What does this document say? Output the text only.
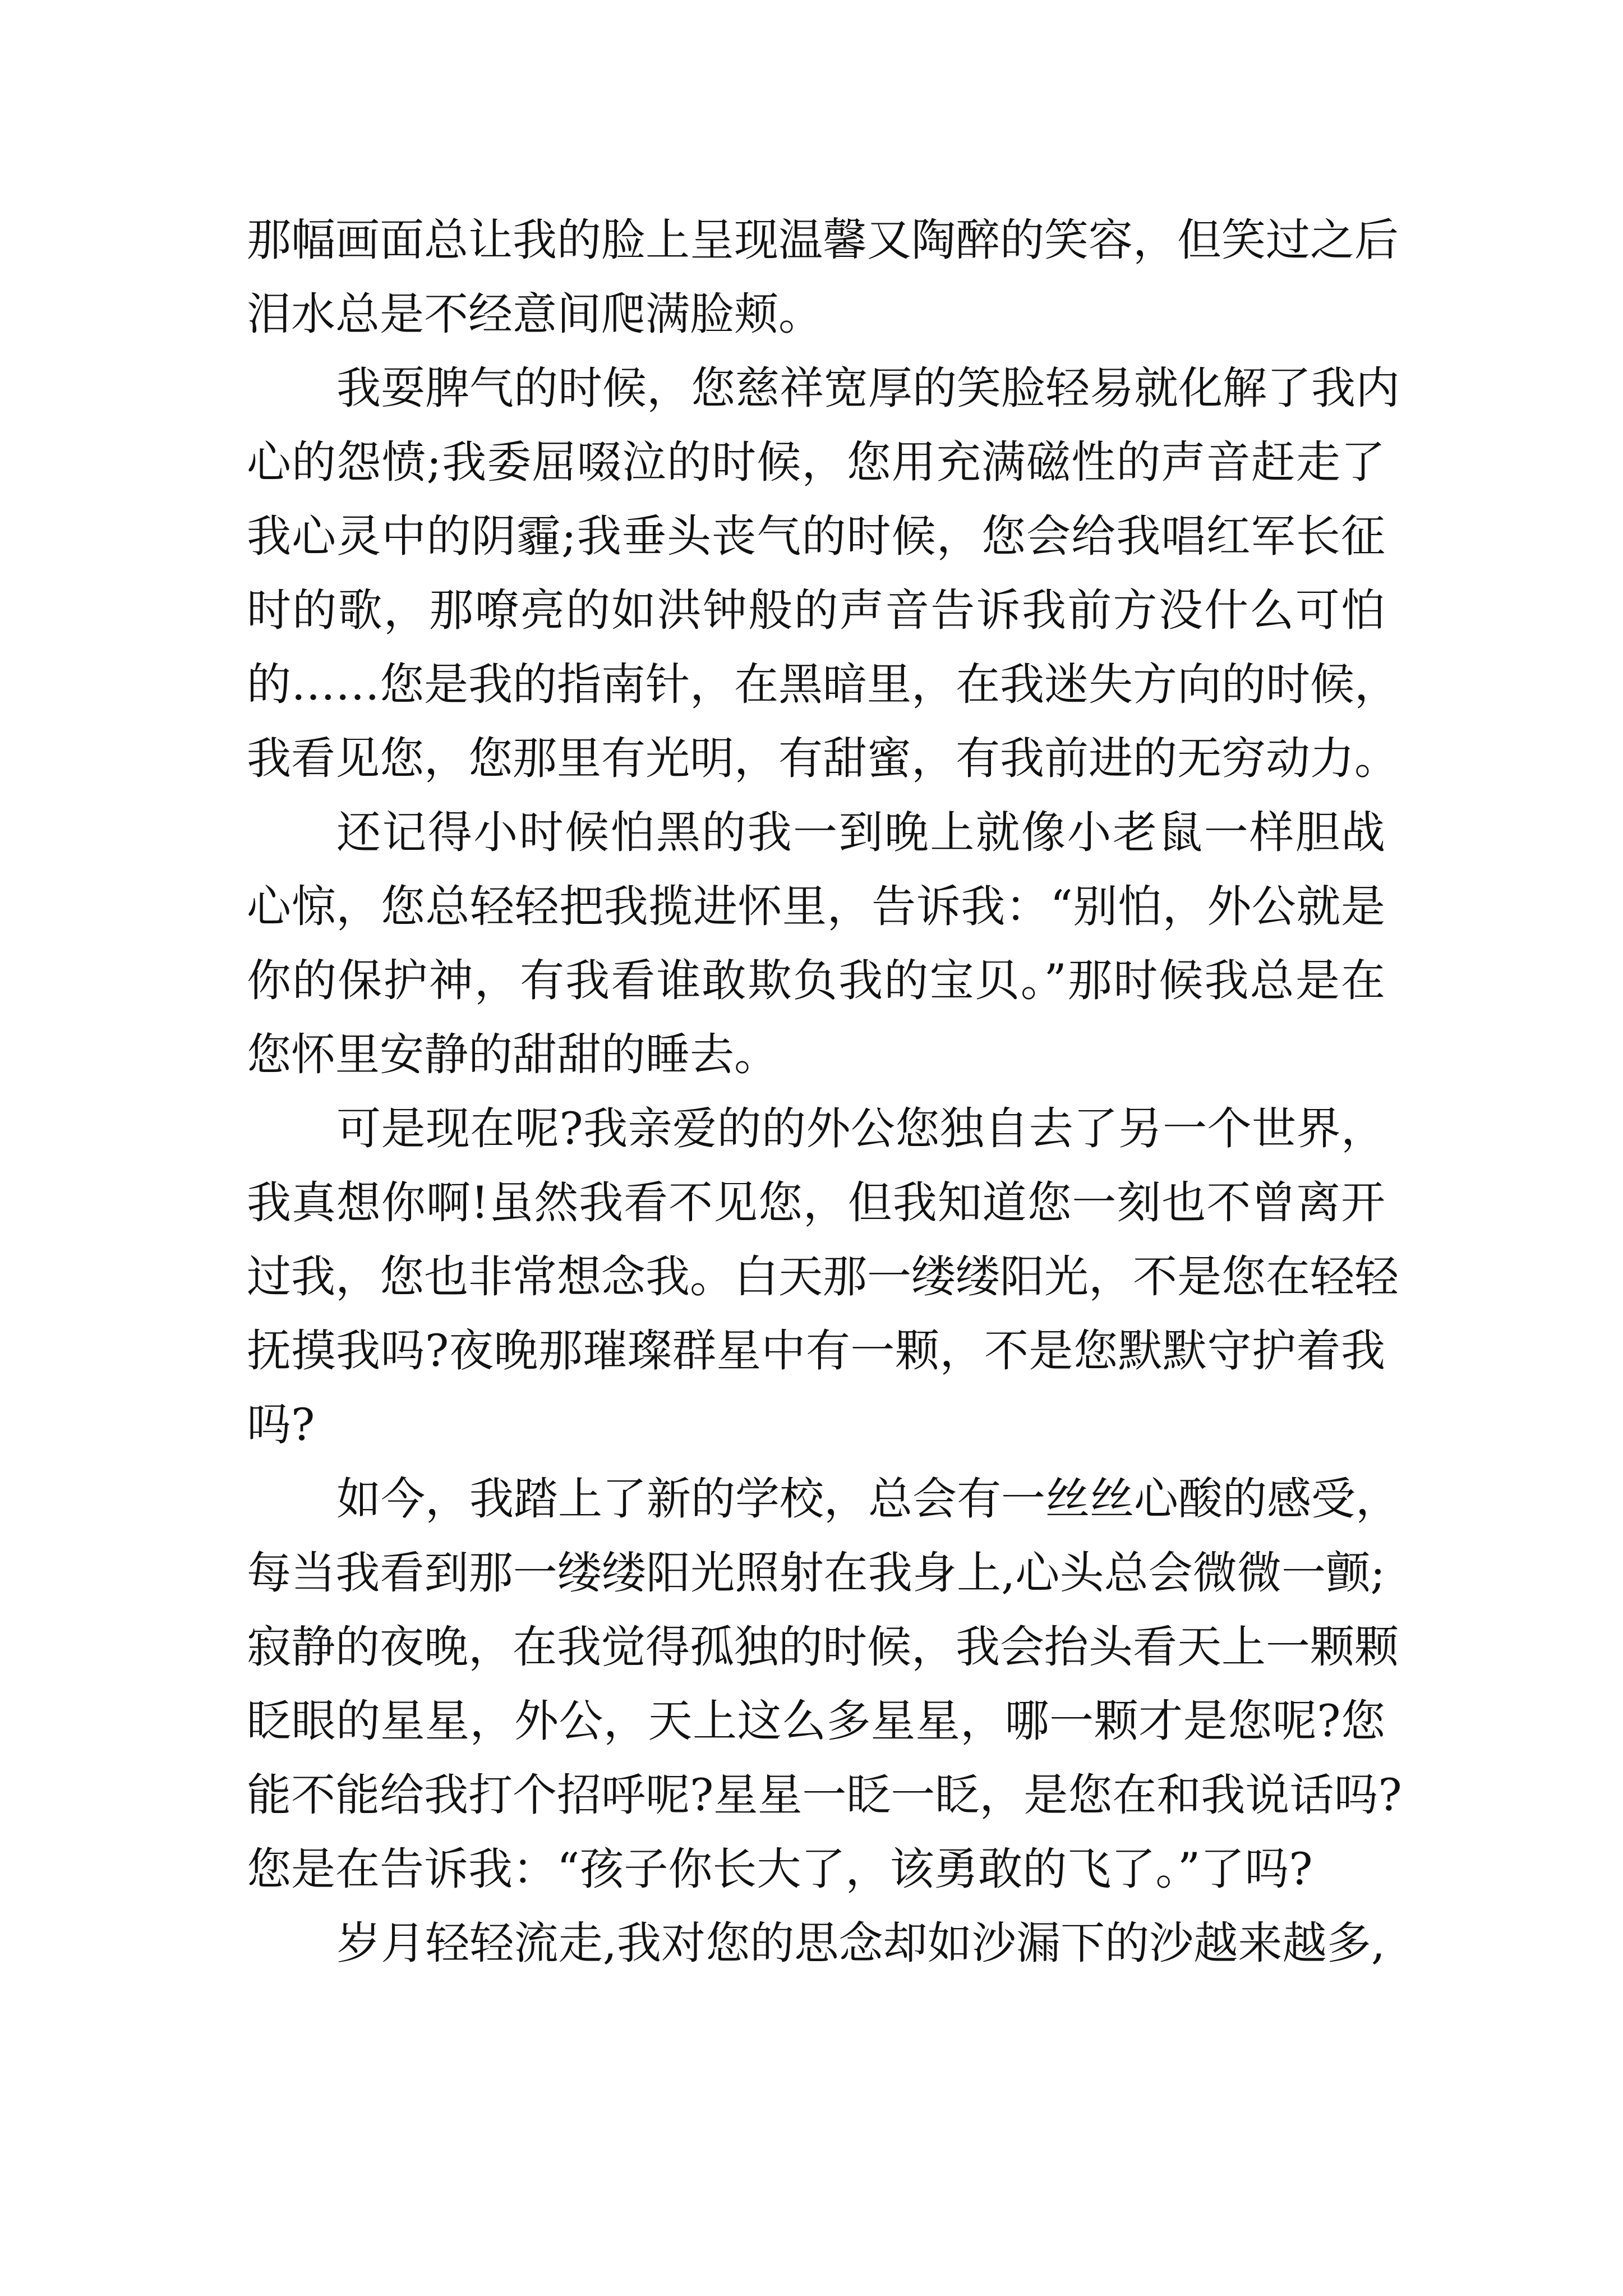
那幅画面总让我的脸上呈现温馨又陶醉的笑容，但笑过之后
泪水总是不经意间爬满脸颊。
我耍脾气的时候，您慈祥宽厚的笑脸轻易就化解了我内
心的怨愤;我委屈啜泣的时候，您用充满磁性的声音赶走了
我心灵中的阴霾;我垂头丧气的时候，您会给我唱红军长征
时的歌，那嘹亮的如洪钟般的声音告诉我前方没什么可怕
的……您是我的指南针，在黑暗里，在我迷失方向的时候，
我看见您，您那里有光明，有甜蜜，有我前进的无穷动力。
还记得小时候怕黑的我一到晚上就像小老鼠一样胆战
心惊，您总轻轻把我揽进怀里，告诉我：“别怕，外公就是
你的保护神，有我看谁敢欺负我的宝贝。”那时候我总是在
您怀里安静的甜甜的睡去。
可是现在呢?我亲爱的的外公您独自去了另一个世界，
我真想你啊!虽然我看不见您，但我知道您一刻也不曾离开
过我，您也非常想念我。白天那一缕缕阳光，不是您在轻轻
抚摸我吗?夜晚那璀璨群星中有一颗，不是您默默守护着我
吗?
如今，我踏上了新的学校，总会有一丝丝心酸的感受，
每当我看到那一缕缕阳光照射在我身上,心头总会微微一颤;
寂静的夜晚，在我觉得孤独的时候，我会抬头看天上一颗颗
眨眼的星星，外公，天上这么多星星，哪一颗才是您呢?您
能不能给我打个招呼呢?星星一眨一眨，是您在和我说话吗?
您是在告诉我：“孩子你长大了，该勇敢的飞了。”了吗?
岁月轻轻流走,我对您的思念却如沙漏下的沙越来越多,
